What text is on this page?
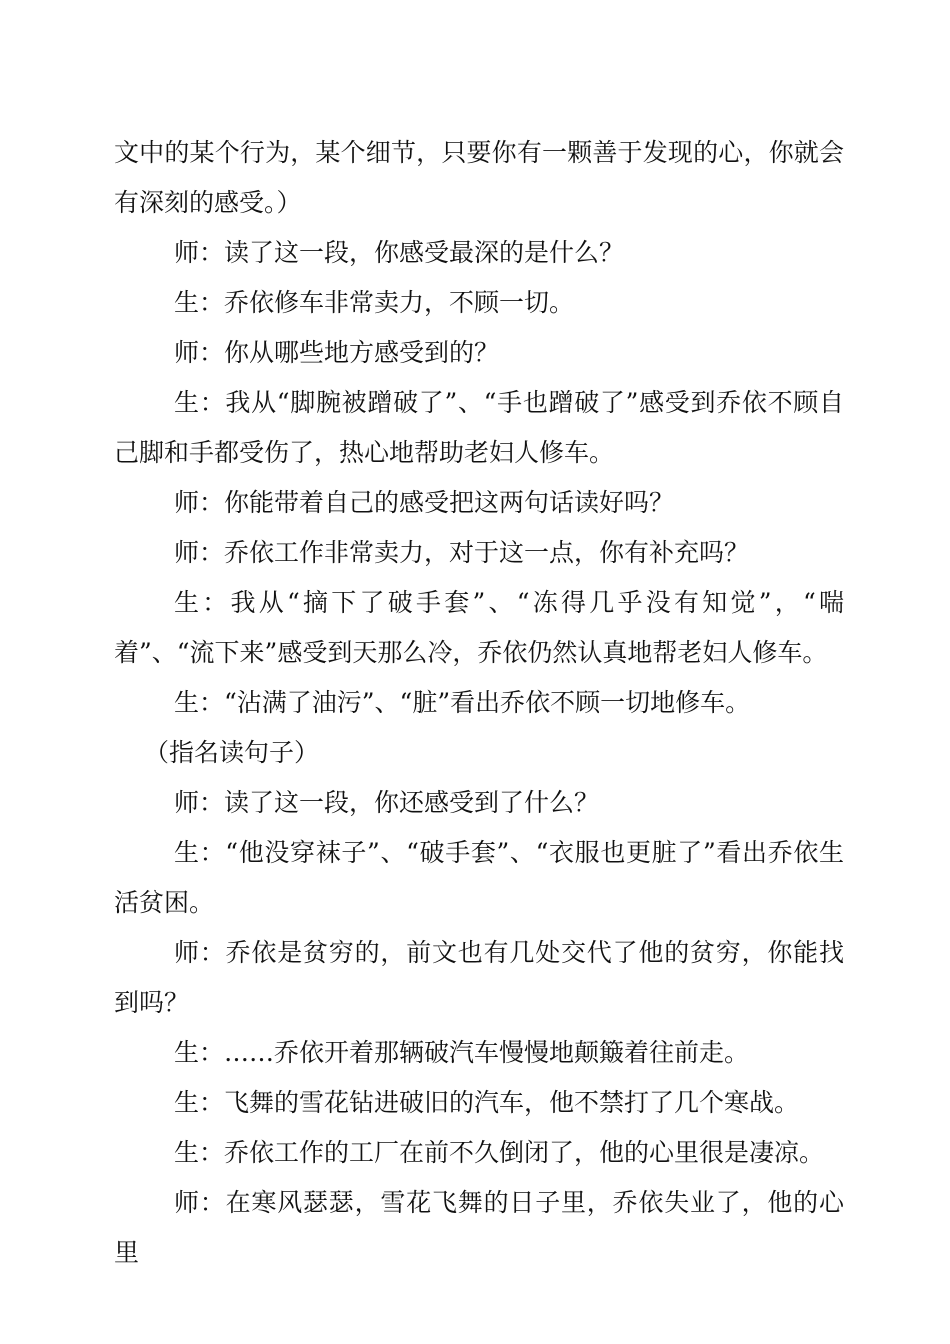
文中的某个行为，某个细节，只要你有一颗善于发现的心，你就会有深刻的感受。）

师：读了这一段，你感受最深的是什么？

生：乔依修车非常卖力，不顾一切。

师：你从哪些地方感受到的？

生：我从“脚腕被蹭破了”、“手也蹭破了”感受到乔依不顾自己脚和手都受伤了，热心地帮助老妇人修车。

师：你能带着自己的感受把这两句话读好吗？

师：乔依工作非常卖力，对于这一点，你有补充吗？

生：我从“摘下了破手套”、“冻得几乎没有知觉”，“喘着”、“流下来”感受到天那么冷，乔依仍然认真地帮老妇人修车。

生：“沾满了油污”、“脏”看出乔依不顾一切地修车。

（指名读句子）

师：读了这一段，你还感受到了什么？

生：“他没穿袜子”、“破手套”、“衣服也更脏了”看出乔依生活贫困。

师：乔依是贫穷的，前文也有几处交代了他的贫穷，你能找到吗？

生：……乔依开着那辆破汽车慢慢地颠簸着往前走。

生：飞舞的雪花钻进破旧的汽车，他不禁打了几个寒战。

生：乔依工作的工厂在前不久倒闭了，他的心里很是凄凉。

师：在寒风瑟瑟，雪花飞舞的日子里，乔依失业了，他的心里
